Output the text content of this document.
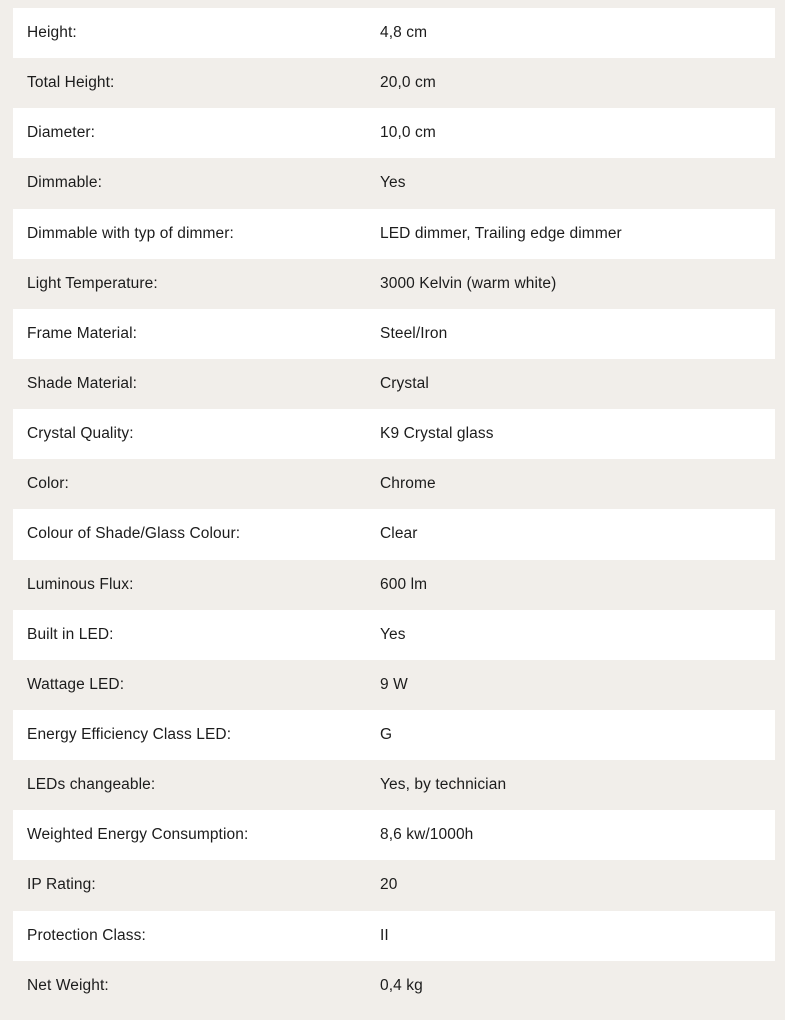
Height:	4,8 cm
Total Height:	20,0 cm
Diameter:	10,0 cm
Dimmable:	Yes
Dimmable with typ of dimmer:	LED dimmer, Trailing edge dimmer
Light Temperature:	3000 Kelvin (warm white)
Frame Material:	Steel/Iron
Shade Material:	Crystal
Crystal Quality:	K9 Crystal glass
Color:	Chrome
Colour of Shade/Glass Colour:	Clear
Luminous Flux:	600 lm
Built in LED:	Yes
Wattage LED:	9 W
Energy Efficiency Class LED:	G
LEDs changeable:	Yes, by technician
Weighted Energy Consumption:	8,6 kw/1000h
IP Rating:	20
Protection Class:	II
Net Weight:	0,4 kg
